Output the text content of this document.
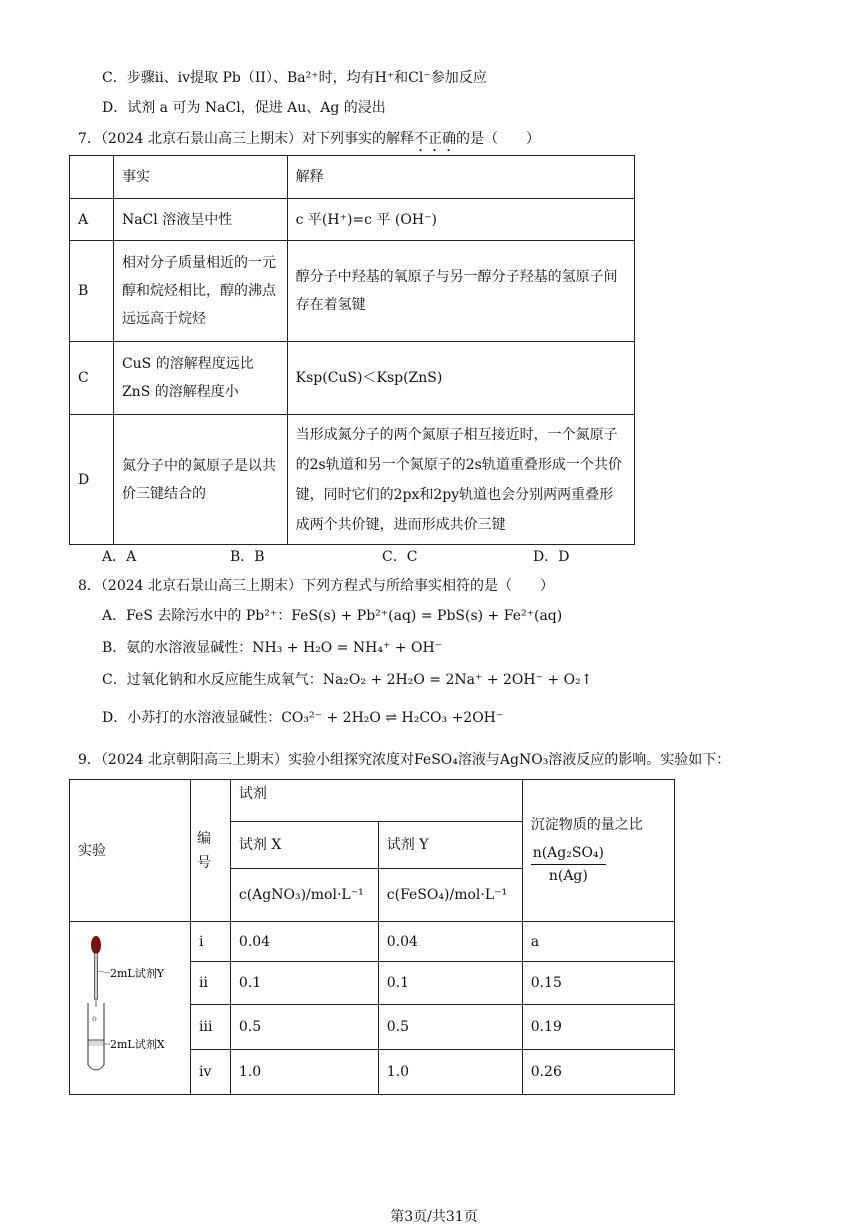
C．步骤ii、iv提取 Pb（II）、Ba²⁺时，均有H⁺和Cl⁻参加反应
D．试剂 a 可为 NaCl，促进 Au、Ag 的浸出
7．（2024 北京石景山高三上期末）对下列事实的解释不正确的是（　　）
	事实	解释
A	NaCl 溶液呈中性	c 平(H⁺)=c 平 (OH⁻)
B	相对分子质量相近的一元醇和烷烃相比，醇的沸点远远高于烷烃	醇分子中羟基的氧原子与另一醇分子羟基的氢原子间存在着氢键
C	CuS 的溶解程度远比 ZnS 的溶解程度小	Ksp(CuS)＜Ksp(ZnS)
D	氮分子中的氮原子是以共价三键结合的	当形成氮分子的两个氮原子相互接近时，一个氮原子的2s轨道和另一个氮原子的2s轨道重叠形成一个共价键，同时它们的2px和2py轨道也会分别两两重叠形成两个共价键，进而形成共价三键
A．A	B．B	C．C	D．D
8．（2024 北京石景山高三上期末）下列方程式与所给事实相符的是（　　）
A．FeS 去除污水中的 Pb²⁺：FeS(s) + Pb²⁺(aq) = PbS(s) + Fe²⁺(aq)
B．氨的水溶液显碱性：NH₃ + H₂O = NH₄⁺ + OH⁻
C．过氧化钠和水反应能生成氧气：Na₂O₂ + 2H₂O = 2Na⁺ + 2OH⁻ + O₂↑
D．小苏打的水溶液显碱性：CO₃²⁻ + 2H₂O ⇌ H₂CO₃ +2OH⁻
9．（2024 北京朝阳高三上期末）实验小组探究浓度对FeSO₄溶液与AgNO₃溶液反应的影响。实验如下：
实验	编号	试剂		沉淀物质的量之比
$\frac{\text{n(Ag₂SO₄)}}{n(Ag)}$

		试剂 X	试剂 Y	
		c(AgNO₃)/mol·L⁻¹	c(FeSO₄)/mol·L⁻¹	

2mL试剂Y
o
2mL试剂X	i	0.04	0.04	a
	ii	0.1	0.1	0.15
	iii	0.5	0.5	0.19
	iv	1.0	1.0	0.26
第3页/共31页
